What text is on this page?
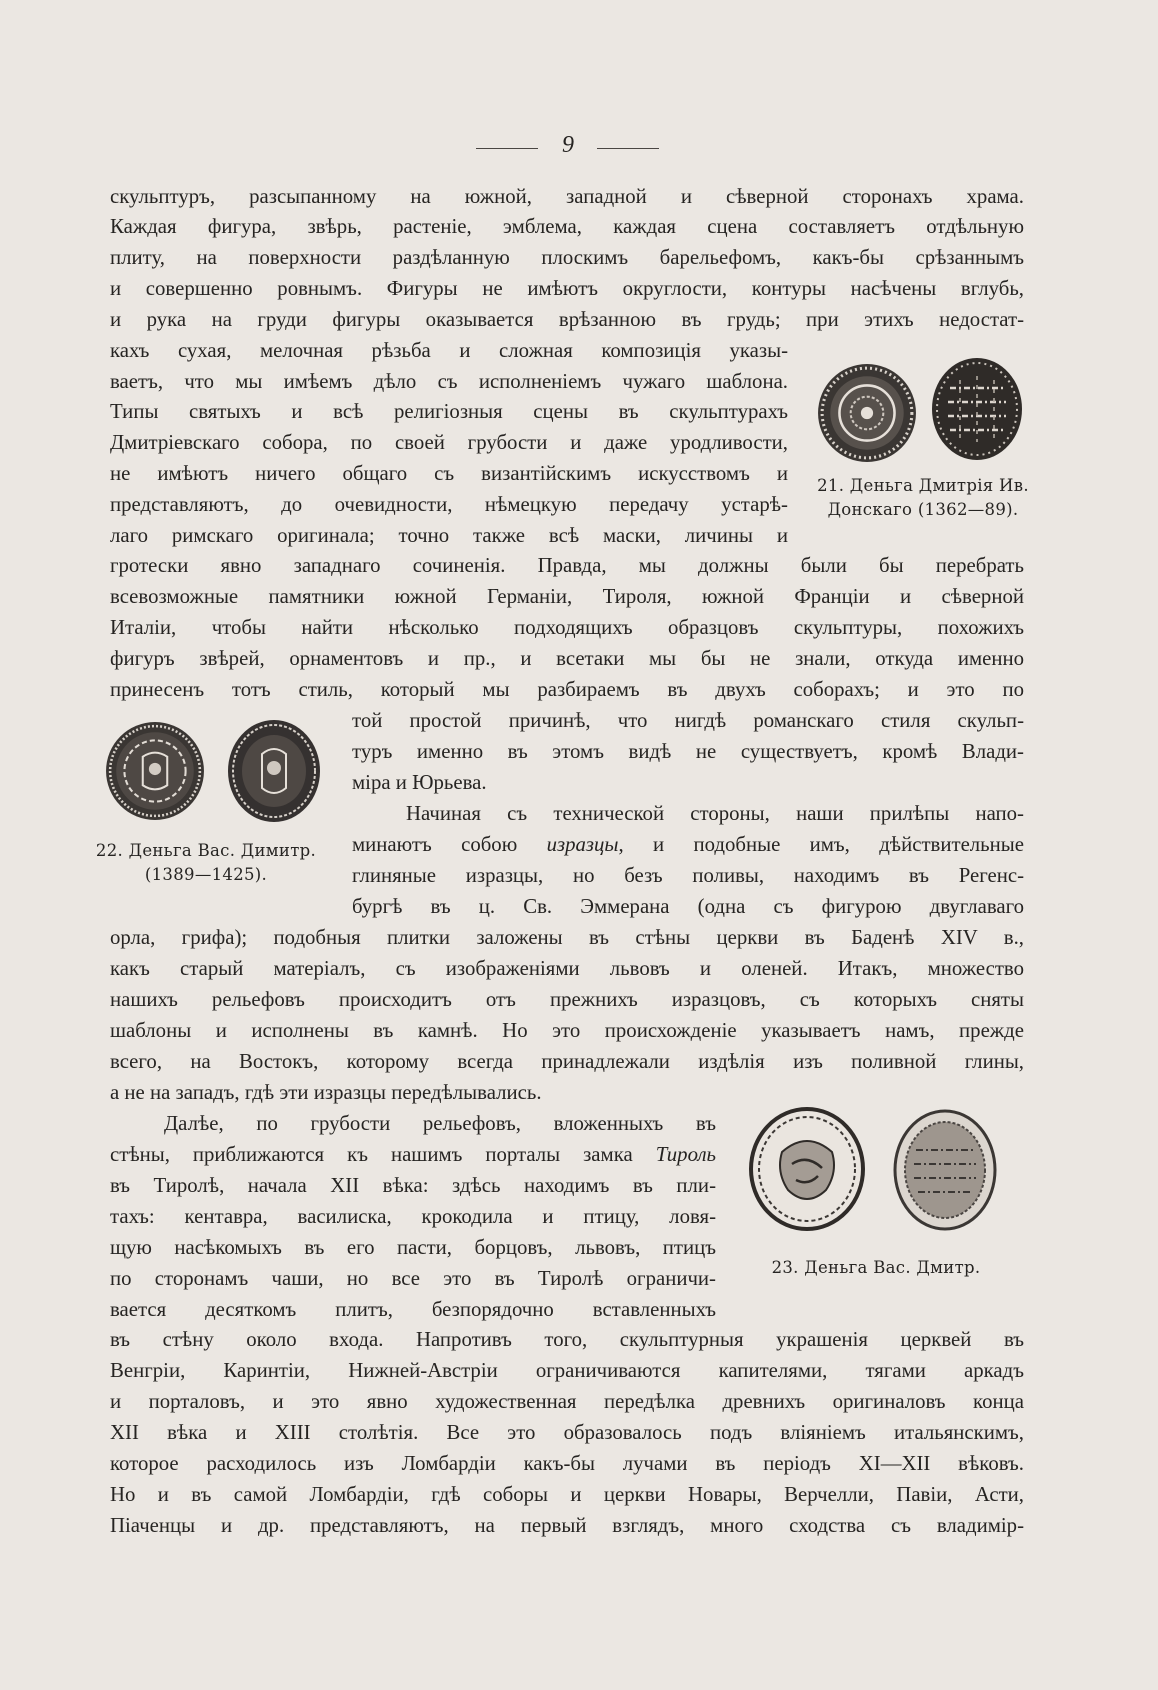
9
скульптуръ, разсыпанному на южной, западной и сѣверной сторонахъ храма.
Каждая фигура, звѣрь, растеніе, эмблема, каждая сцена составляетъ отдѣльную
плиту, на поверхности раздѣланную плоскимъ барельефомъ, какъ-бы срѣзаннымъ
и совершенно ровнымъ. Фигуры не имѣютъ округлости, контуры насѣчены вглубь,
и рука на груди фигуры оказывается врѣзанною въ грудь; при этихъ недостат-
кахъ сухая, мелочная рѣзьба и сложная композиція указы-
ваетъ, что мы имѣемъ дѣло съ исполненіемъ чужаго шаблона.
Типы святыхъ и всѣ религіозныя сцены въ скульптурахъ
Дмитріевскаго собора, по своей грубости и даже уродливости,
не имѣютъ ничего общаго съ византійскимъ искусствомъ и
представляютъ, до очевидности, нѣмецкую передачу устарѣ-
лаго римскаго оригинала; точно также всѣ маски, личины и
21. Деньга Дмитрія Ив.
Донскаго (1362—89).
гротески явно западнаго сочиненія. Правда, мы должны были бы перебрать
всевозможные памятники южной Германіи, Тироля, южной Франціи и сѣверной
Италіи, чтобы найти нѣсколько подходящихъ образцовъ скульптуры, похожихъ
фигуръ звѣрей, орнаментовъ и пр., и всетаки мы бы не знали, откуда именно
принесенъ тотъ стиль, который мы разбираемъ въ двухъ соборахъ; и это по
той простой причинѣ, что нигдѣ романскаго стиля скульп-
туръ именно въ этомъ видѣ не существуетъ, кромѣ Влади-
міра и Юрьева.
Начиная съ технической стороны, наши прилѣпы напо-
минаютъ собою изразцы, и подобные имъ, дѣйствительные
глиняные изразцы, но безъ поливы, находимъ въ Регенс-
бургѣ въ ц. Св. Эммерана (одна съ фигурою двуглаваго
22. Деньга Вас. Димитр.
(1389—1425).
орла, грифа); подобныя плитки заложены въ стѣны церкви въ Баденѣ XIV в.,
какъ старый матеріалъ, съ изображеніями львовъ и оленей. Итакъ, множество
нашихъ рельефовъ происходитъ отъ прежнихъ изразцовъ, съ которыхъ сняты
шаблоны и исполнены въ камнѣ. Но это происхожденіе указываетъ намъ, прежде
всего, на Востокъ, которому всегда принадлежали издѣлія изъ поливной глины,
а не на западъ, гдѣ эти изразцы передѣлывались.
Далѣе, по грубости рельефовъ, вложенныхъ въ
стѣны, приближаются къ нашимъ порталы замка Тироль
въ Тиролѣ, начала XII вѣка: здѣсь находимъ въ пли-
тахъ: кентавра, василиска, крокодила и птицу, ловя-
щую насѣкомыхъ въ его пасти, борцовъ, львовъ, птицъ
по сторонамъ чаши, но все это въ Тиролѣ ограничи-
вается десяткомъ плитъ, безпорядочно вставленныхъ
23. Деньга Вас. Дмитр.
въ стѣну около входа. Напротивъ того, скульптурныя украшенія церквей въ
Венгріи, Каринтіи, Нижней-Австріи ограничиваются капителями, тягами аркадъ
и порталовъ, и это явно художественная передѣлка древнихъ оригиналовъ конца
XII вѣка и XIII столѣтія. Все это образовалось подъ вліяніемъ итальянскимъ,
которое расходилось изъ Ломбардіи какъ-бы лучами въ періодъ XI—XII вѣковъ.
Но и въ самой Ломбардіи, гдѣ соборы и церкви Новары, Верчелли, Павіи, Асти,
Піаченцы и др. представляютъ, на первый взглядъ, много сходства съ владимір-
